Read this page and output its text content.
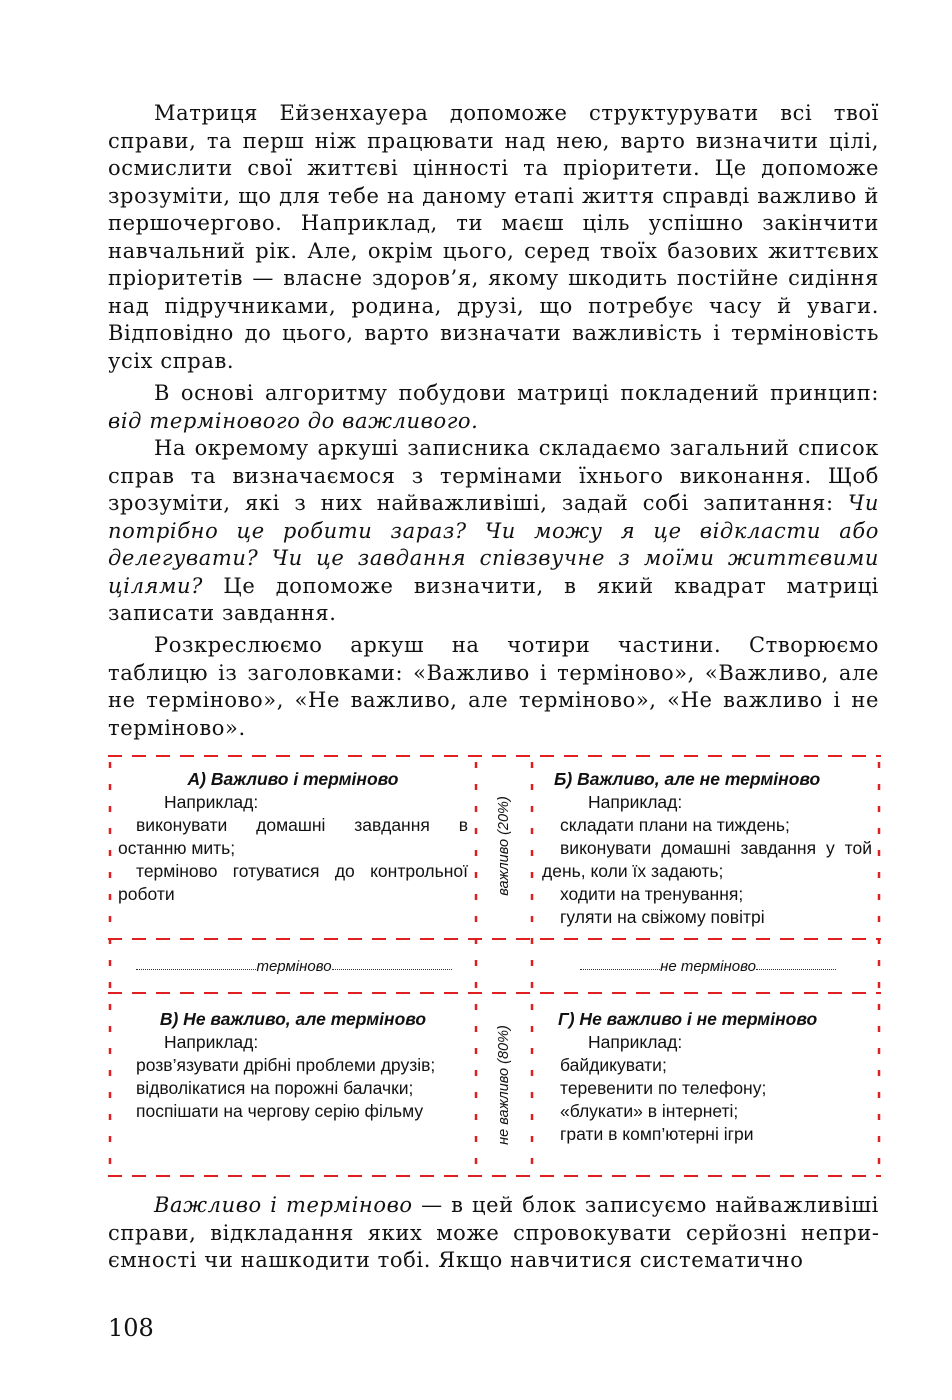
Матриця Ейзенхауера допоможе структурувати всі твої справи, та перш ніж працювати над нею, варто визначити цілі, осмислити свої життєві цінності та пріоритети. Це допоможе зрозуміти, що для тебе на даному етапі життя справді важливо й першочергово. Наприклад, ти маєш ціль успішно закінчити навчальний рік. Але, окрім цього, серед твоїх базових життєвих пріоритетів — власне здоров’я, якому шкодить постійне сидіння над підручниками, родина, друзі, що потребує часу й уваги. Відповідно до цього, варто визначати важливість і терміновість усіх справ.

В основі алгоритму побудови матриці покладений принцип: від термінового до важливого.

На окремому аркуші записника складаємо загальний список справ та визначаємося з термінами їхнього виконання. Щоб зрозуміти, які з них найважливіші, задай собі запитання: Чи потрібно це робити зараз? Чи можу я це відкласти або делегувати? Чи це завдання співзвучне з моїми життєвими цілями? Це допоможе визначити, в який квадрат матриці записати завдання.

Розкреслюємо аркуш на чотири частини. Створюємо таблицю із заголовками: «Важливо і терміново», «Важливо, але не терміново», «Не важливо, але терміново», «Не важливо і не терміново».

А) Важливо і терміново
Наприклад:
виконувати домашні завдання в останню мить;
терміново готуватися до контрольної роботи
Б) Важливо, але не терміново
Наприклад:
складати плани на тиждень;
виконувати домашні завдання у той день, коли їх задають;
ходити на тренування;
гуляти на свіжому повітрі
важливо (20%)
не важливо (80%)
терміново	не терміново
В) Не важливо, але терміново
Наприклад:
розв’язувати дрібні проблеми друзів;
відволікатися на порожні балачки;
поспішати на чергову серію фільму
Г) Не важливо і не терміново
Наприклад:
байдикувати;
теревенити по телефону;
«блукати» в інтернеті;
грати в комп’ютерні ігри

Важливо і терміново — в цей блок записуємо найважливіші справи, відкладання яких може спровокувати серйозні неприємності чи нашкодити тобі. Якщо навчитися систематично

108
